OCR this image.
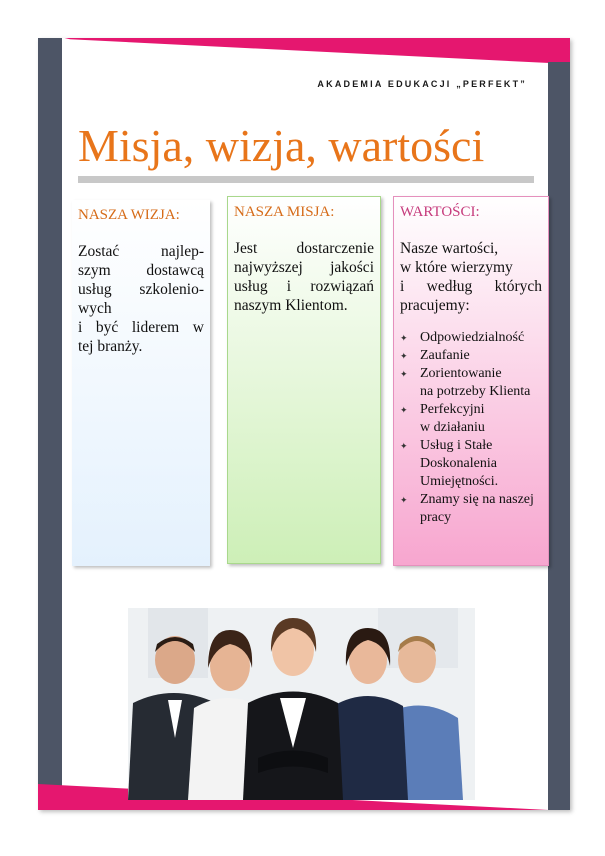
AKADEMIA EDUKACJI „PERFEKT”
Misja, wizja, wartości
NASZA WIZJA:
Zostać najlep-
szym dostawcą
usług szkolenio-
wych
i być liderem w
tej branży.
NASZA MISJA:
Jest dostarczenie
najwyższej jakości
usług i rozwiązań
naszym Klientom.
WARTOŚCI:
Nasze wartości,
w które wierzymy
i według których
pracujemy:
✦ Odpowiedzialność
✦ Zaufanie
✦ Zorientowanie
na potrzeby Klienta
✦ Perfekcyjni
w działaniu
✦ Usług i Stałe
Doskonalenia
Umiejętności.
✦ Znamy się na naszej
pracy
